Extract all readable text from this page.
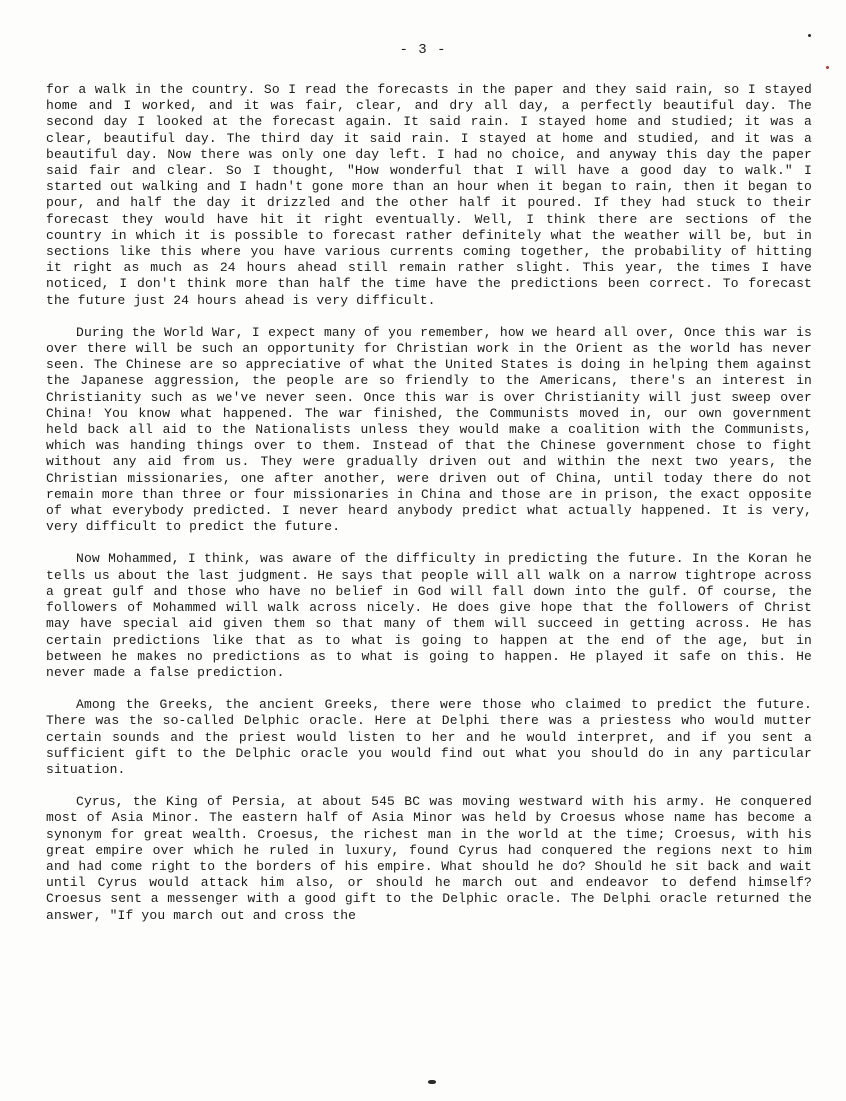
- 3 -

for a walk in the country. So I read the forecasts in the paper and they said rain, so I stayed home and I worked, and it was fair, clear, and dry all day, a perfectly beautiful day. The second day I looked at the forecast again. It said rain. I stayed home and studied; it was a clear, beautiful day. The third day it said rain. I stayed at home and studied, and it was a beautiful day. Now there was only one day left. I had no choice, and anyway this day the paper said fair and clear. So I thought, "How wonderful that I will have a good day to walk." I started out walking and I hadn't gone more than an hour when it began to rain, then it began to pour, and half the day it drizzled and the other half it poured. If they had stuck to their forecast they would have hit it right eventually. Well, I think there are sections of the country in which it is possible to forecast rather definitely what the weather will be, but in sections like this where you have various currents coming together, the probability of hitting it right as much as 24 hours ahead still remain rather slight. This year, the times I have noticed, I don't think more than half the time have the predictions been correct. To forecast the future just 24 hours ahead is very difficult.

During the World War, I expect many of you remember, how we heard all over, Once this war is over there will be such an opportunity for Christian work in the Orient as the world has never seen. The Chinese are so appreciative of what the United States is doing in helping them against the Japanese aggression, the people are so friendly to the Americans, there's an interest in Christianity such as we've never seen. Once this war is over Christianity will just sweep over China! You know what happened. The war finished, the Communists moved in, our own government held back all aid to the Nationalists unless they would make a coalition with the Communists, which was handing things over to them. Instead of that the Chinese government chose to fight without any aid from us. They were gradually driven out and within the next two years, the Christian missionaries, one after another, were driven out of China, until today there do not remain more than three or four missionaries in China and those are in prison, the exact opposite of what everybody predicted. I never heard anybody predict what actually happened. It is very, very difficult to predict the future.

Now Mohammed, I think, was aware of the difficulty in predicting the future. In the Koran he tells us about the last judgment. He says that people will all walk on a narrow tightrope across a great gulf and those who have no belief in God will fall down into the gulf. Of course, the followers of Mohammed will walk across nicely. He does give hope that the followers of Christ may have special aid given them so that many of them will succeed in getting across. He has certain predictions like that as to what is going to happen at the end of the age, but in between he makes no predictions as to what is going to happen. He played it safe on this. He never made a false prediction.

Among the Greeks, the ancient Greeks, there were those who claimed to predict the future. There was the so-called Delphic oracle. Here at Delphi there was a priestess who would mutter certain sounds and the priest would listen to her and he would interpret, and if you sent a sufficient gift to the Delphic oracle you would find out what you should do in any particular situation.

Cyrus, the King of Persia, at about 545 BC was moving westward with his army. He conquered most of Asia Minor. The eastern half of Asia Minor was held by Croesus whose name has become a synonym for great wealth. Croesus, the richest man in the world at the time; Croesus, with his great empire over which he ruled in luxury, found Cyrus had conquered the regions next to him and had come right to the borders of his empire. What should he do? Should he sit back and wait until Cyrus would attack him also, or should he march out and endeavor to defend himself? Croesus sent a messenger with a good gift to the Delphic oracle. The Delphi oracle returned the answer, "If you march out and cross the
